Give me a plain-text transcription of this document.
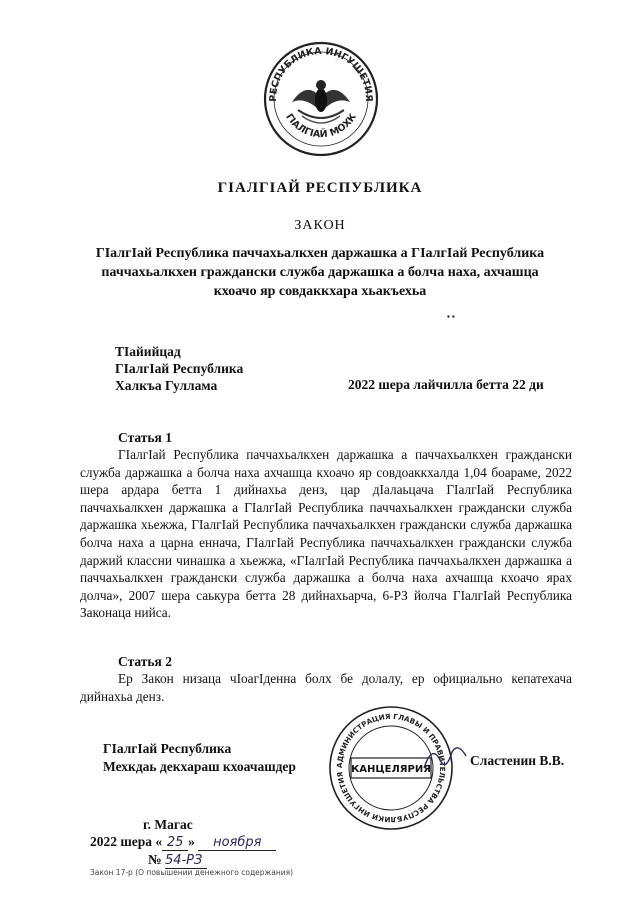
РЕСПУБЛИКА ИНГУШЕТИЯ
ГӀАЛГӀАЙ МОХК
ГIАЛГIАЙ РЕСПУБЛИКА
ЗАКОН
ГIалгIай Республика паччахьалкхен даржашка а ГIалгIай Республика
паччахьалкхен граждански служба даржашка а болча наха, ахчашца
кхоачо яр совдаккхара хьакъехьа
▪ ▪
ТIайийцад
ГIалгIай Республика
Халкъа Гуллама	2022 шера лайчилла бетта 22 ди
Статья 1
ГIалгIай Республика паччахьалкхен даржашка а паччахьалкхен граждански служба даржашка а болча наха ахчашца кхоачо яр совдоаккхалда 1,04 боараме, 2022 шера ардара бетта 1 дийнахьа денз, цар дIалаьцача ГIалгIай Республика паччахьалкхен даржашка а ГIалгIай Республика паччахьалкхен граждански служба даржашка хьежжа, ГIалгIай Республика паччахьалкхен граждански служба даржашка болча наха а царна еннача, ГIалгIай Республика паччахьалкхен граждански служба даржий классни чинашка а хьежжа, «ГIалгIай Республика паччахьалкхен даржашка а паччахьалкхен граждански служба даржашка а болча наха ахчашца кхоачо ярах долча», 2007 шера саькура бетта 28 дийнахьарча, 6-РЗ йолча ГIалгIай Республика Законаца нийса.
Статья 2
Ер Закон низаца чIоагIденна болх бе долалу, ер официально кепатехача дийнахьа денз.
ГIалгIай Республика
Мехкдаь декхараш кхоачашдер	АДМИНИСТРАЦИЯ ГЛАВЫ И ПРАВИТЕЛЬСТВА РЕСПУБЛИКИ ИНГУШЕТИЯ КАНЦЕЛЯРИЯ
Сластенин В.В.
г. Магас
2022 шера « 25 » ноября
№ 54-РЗ
Закон 17-р (О повышении денежного содержания)
